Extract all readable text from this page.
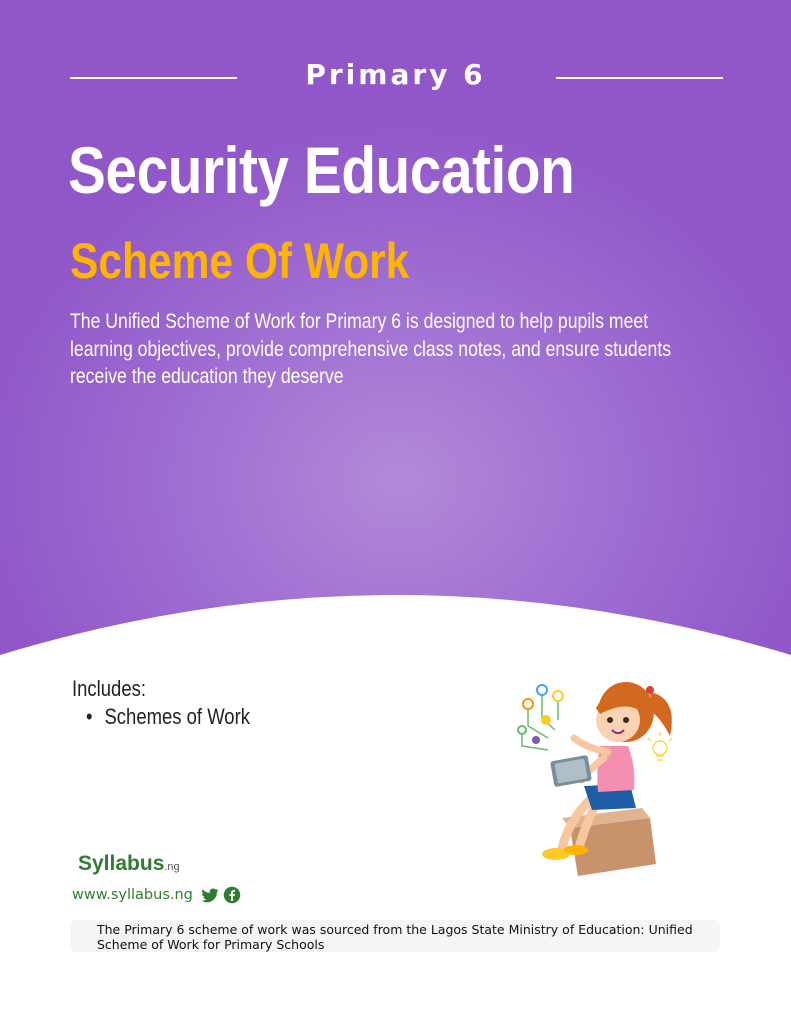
Primary 6
Security Education
Scheme Of Work
The Unified Scheme of Work for Primary 6 is designed to help pupils meet learning objectives, provide comprehensive class notes, and ensure students receive the education they deserve
Includes:
• Schemes of Work
Syllabus.ng
www.syllabus.ng
The Primary 6 scheme of work was sourced from the Lagos State Ministry of Education: Unified Scheme of Work for Primary Schools
